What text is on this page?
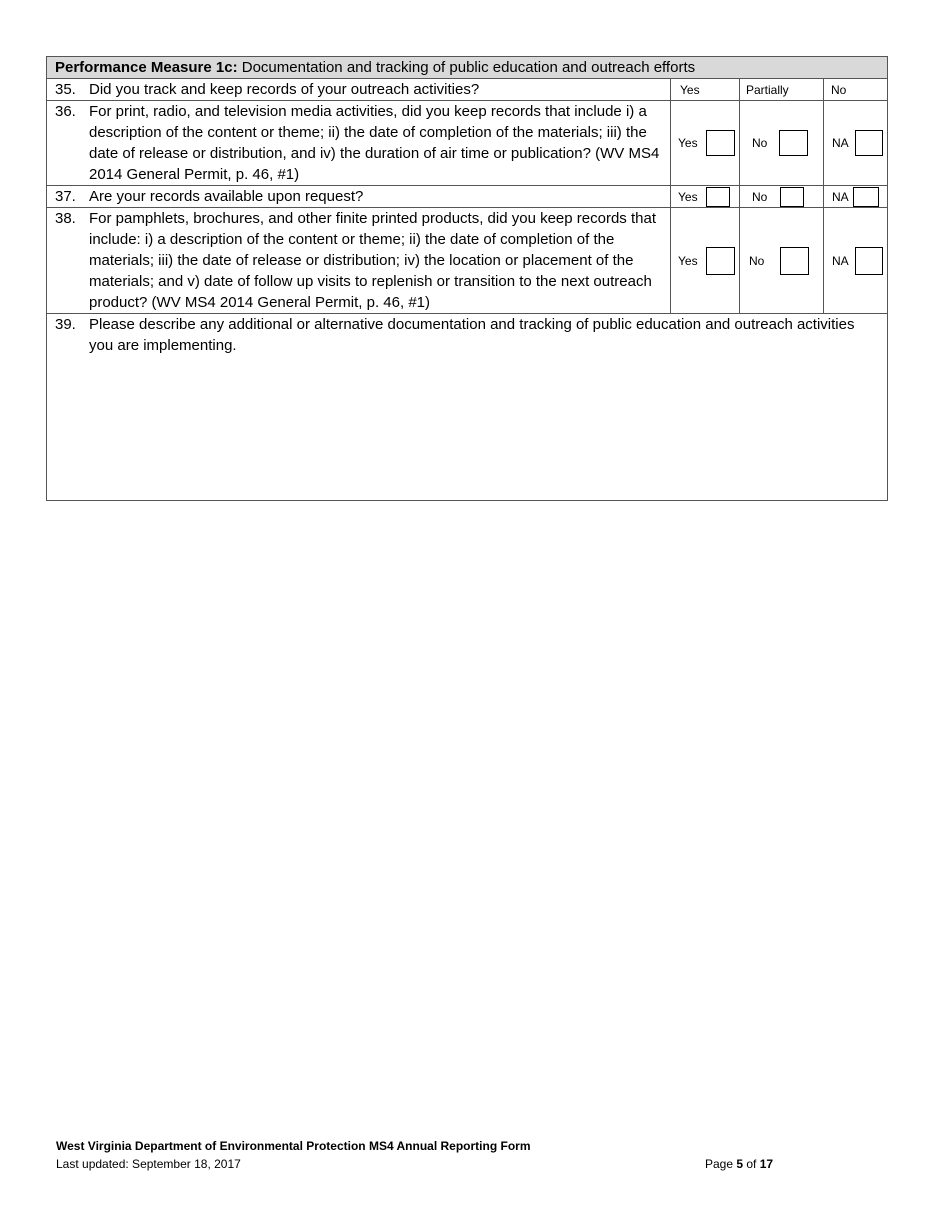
Performance Measure 1c: Documentation and tracking of public education and outreach efforts			

35. Did you track and keep records of your outreach activities?	Yes	Partially	No

36. For print, radio, and television media activities, did you keep records that include i) a description of the content or theme; ii) the date of completion of the materials; iii) the date of release or distribution, and iv) the duration of air time or publication? (WV MS4 2014 General Permit, p. 46, #1)	Yes	No	NA

37. Are your records available upon request?	Yes	No	NA

38. For pamphlets, brochures, and other finite printed products, did you keep records that include: i) a description of the content or theme; ii) the date of completion of the materials; iii) the date of release or distribution; iv) the location or placement of the materials; and v) date of follow up visits to replenish or transition to the next outreach product? (WV MS4 2014 General Permit, p. 46, #1)	Yes	No	NA

39. Please describe any additional or alternative documentation and tracking of public education and outreach activities you are implementing.			
West Virginia Department of Environmental Protection MS4 Annual Reporting Form
Last updated: September 18, 2017	Page 5 of 17
